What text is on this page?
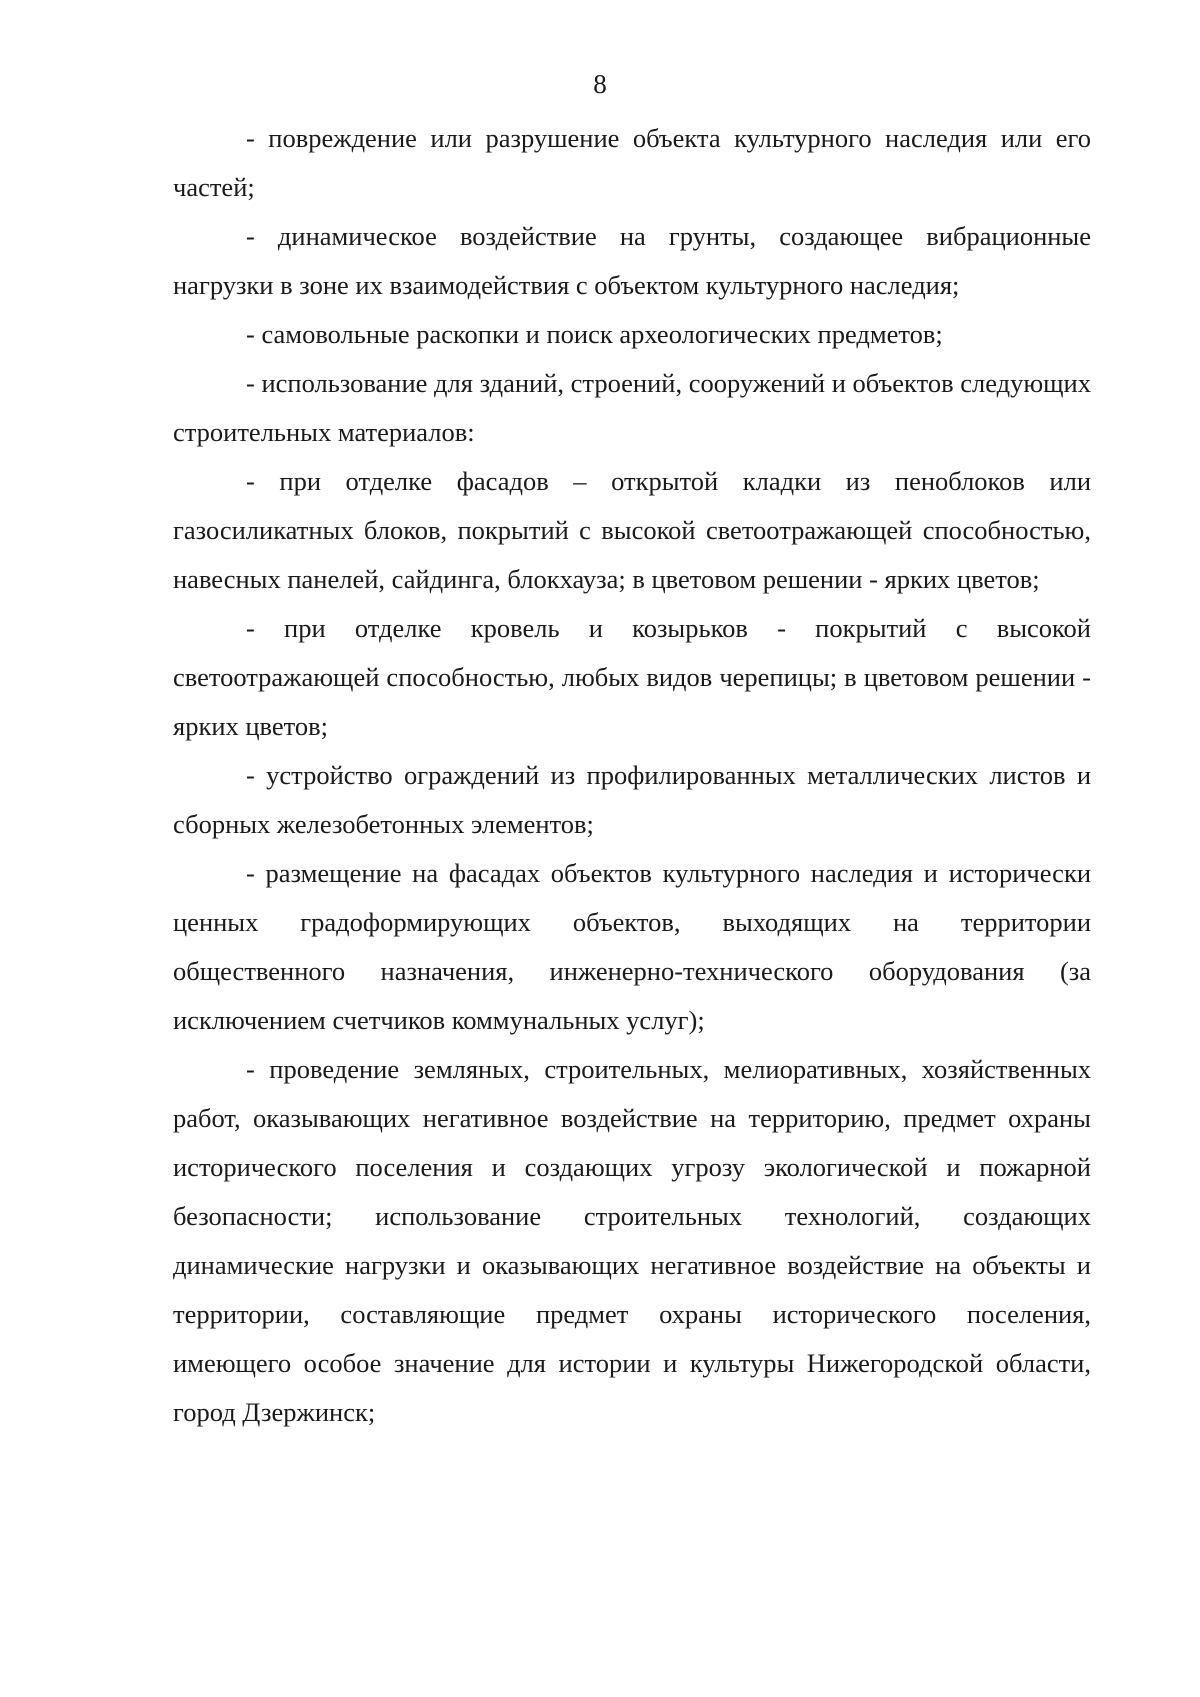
8

- повреждение или разрушение объекта культурного наследия или его частей;

- динамическое воздействие на грунты, создающее вибрационные нагрузки в зоне их взаимодействия с объектом культурного наследия;

- самовольные раскопки и поиск археологических предметов;

- использование для зданий, строений, сооружений и объектов следующих строительных материалов:

- при отделке фасадов – открытой кладки из пеноблоков или газосиликатных блоков, покрытий с высокой светоотражающей способностью, навесных панелей, сайдинга, блокхауза; в цветовом решении - ярких цветов;

- при отделке кровель и козырьков - покрытий с высокой светоотражающей способностью, любых видов черепицы; в цветовом решении - ярких цветов;

- устройство ограждений из профилированных металлических листов и сборных железобетонных элементов;

- размещение на фасадах объектов культурного наследия и исторически ценных градоформирующих объектов, выходящих на территории общественного назначения, инженерно-технического оборудования (за исключением счетчиков коммунальных услуг);

- проведение земляных, строительных, мелиоративных, хозяйственных работ, оказывающих негативное воздействие на территорию, предмет охраны исторического поселения и создающих угрозу экологической и пожарной безопасности; использование строительных технологий, создающих динамические нагрузки и оказывающих негативное воздействие на объекты и территории, составляющие предмет охраны исторического поселения, имеющего особое значение для истории и культуры Нижегородской области, город Дзержинск;
